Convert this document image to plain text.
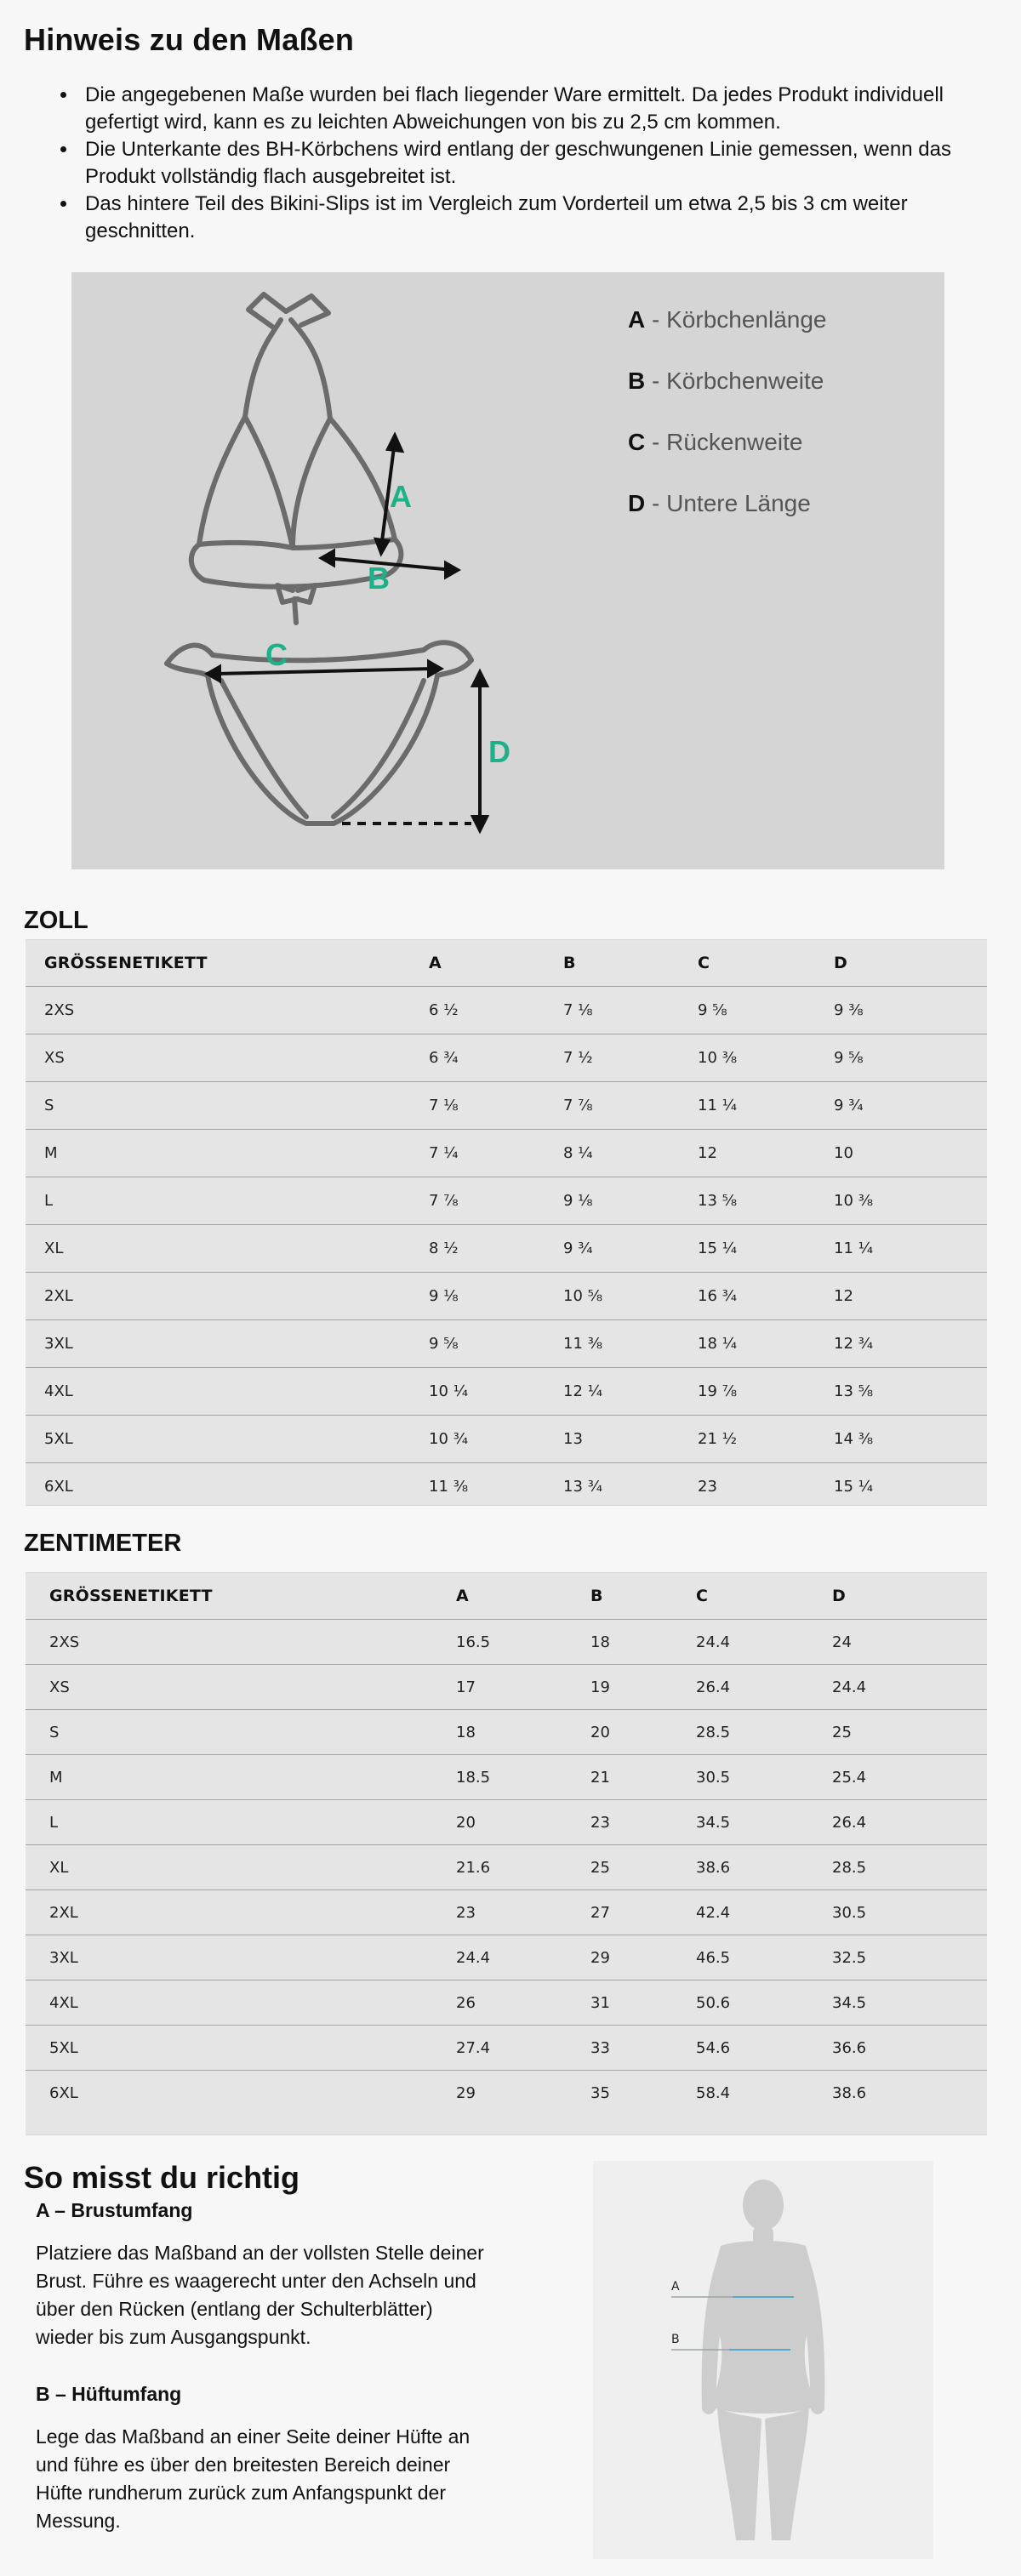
Hinweis zu den Maßen
• Die angegebenen Maße wurden bei flach liegender Ware ermittelt. Da jedes Produkt individuell gefertigt wird, kann es zu leichten Abweichungen von bis zu 2,5 cm kommen.
• Die Unterkante des BH-Körbchens wird entlang der geschwungenen Linie gemessen, wenn das Produkt vollständig flach ausgebreitet ist.
• Das hintere Teil des Bikini-Slips ist im Vergleich zum Vorderteil um etwa 2,5 bis 3 cm weiter geschnitten.
A
B
C
D
A - Körbchenlänge
B - Körbchenweite
C - Rückenweite
D - Untere Länge
ZOLL
GRÖSSENETIKETT	A	B	C	D
2XS	6 ½	7 ⅛	9 ⅝	9 ⅜
XS	6 ¾	7 ½	10 ⅜	9 ⅝
S	7 ⅛	7 ⅞	11 ¼	9 ¾
M	7 ¼	8 ¼	12	10
L	7 ⅞	9 ⅛	13 ⅝	10 ⅜
XL	8 ½	9 ¾	15 ¼	11 ¼
2XL	9 ⅛	10 ⅝	16 ¾	12
3XL	9 ⅝	11 ⅜	18 ¼	12 ¾
4XL	10 ¼	12 ¼	19 ⅞	13 ⅝
5XL	10 ¾	13	21 ½	14 ⅜
6XL	11 ⅜	13 ¾	23	15 ¼
ZENTIMETER
GRÖSSENETIKETT	A	B	C	D
2XS	16.5	18	24.4	24
XS	17	19	26.4	24.4
S	18	20	28.5	25
M	18.5	21	30.5	25.4
L	20	23	34.5	26.4
XL	21.6	25	38.6	28.5
2XL	23	27	42.4	30.5
3XL	24.4	29	46.5	32.5
4XL	26	31	50.6	34.5
5XL	27.4	33	54.6	36.6
6XL	29	35	58.4	38.6
So misst du richtig
A – Brustumfang

Platziere das Maßband an der vollsten Stelle deiner Brust. Führe es waagerecht unter den Achseln und über den Rücken (entlang der Schulterblätter) wieder bis zum Ausgangspunkt.

B – Hüftumfang

Lege das Maßband an einer Seite deiner Hüfte an und führe es über den breitesten Bereich deiner Hüfte rundherum zurück zum Anfangspunkt der Messung.

A
B
